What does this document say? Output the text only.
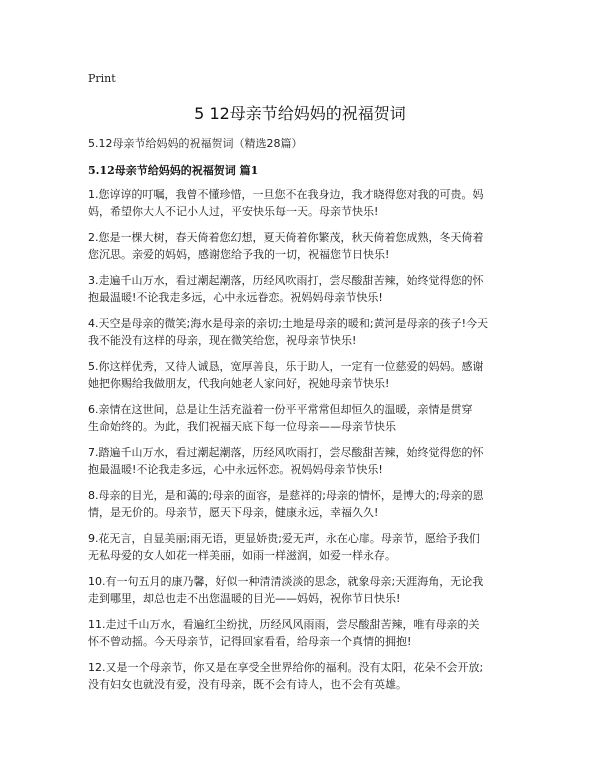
Print
5 12母亲节给妈妈的祝福贺词
5.12母亲节给妈妈的祝福贺词（精选28篇）
5.12母亲节给妈妈的祝福贺词 篇1
1.您谆谆的叮嘱，我曾不懂珍惜，一旦您不在我身边，我才晓得您对我的可贵。妈
妈，希望你大人不记小人过，平安快乐每一天。母亲节快乐!
2.您是一棵大树，春天倚着您幻想，夏天倚着你繁茂，秋天倚着您成熟，冬天倚着
您沉思。亲爱的妈妈，感谢您给予我的一切，祝福您节日快乐!
3.走遍千山万水，看过潮起潮落，历经风吹雨打，尝尽酸甜苦辣，始终觉得您的怀
抱最温暖!不论我走多远，心中永远眷恋。祝妈妈母亲节快乐!
4.天空是母亲的微笑;海水是母亲的亲切;土地是母亲的暖和;黄河是母亲的孩子!今天
我不能没有这样的母亲，现在微笑给您，祝母亲节快乐!
5.你这样优秀，又待人诚恳，宽厚善良，乐于助人，一定有一位慈爱的妈妈。感谢
她把你赐给我做朋友，代我向她老人家问好，祝她母亲节快乐!
6.亲情在这世间，总是让生活充溢着一份平平常常但却恒久的温暖，亲情是贯穿
生命始终的。为此，我们祝福天底下每一位母亲——母亲节快乐
7.踏遍千山万水，看过潮起潮落，历经风吹雨打，尝尽酸甜苦辣，始终觉得您的怀
抱最温暖!不论我走多远，心中永远怀恋。祝妈妈母亲节快乐!
8.母亲的目光，是和蔼的;母亲的面容，是慈祥的;母亲的情怀，是博大的;母亲的恩
情，是无价的。母亲节，愿天下母亲，健康永远，幸福久久!
9.花无言，自显美丽;雨无语，更显娇贵;爱无声，永在心扉。母亲节，愿给予我们
无私母爱的女人如花一样美丽，如雨一样滋润，如爱一样永存。
10.有一句五月的康乃馨，好似一种清清淡淡的思念，就象母亲;天涯海角，无论我
走到哪里，却总也走不出您温暖的目光——妈妈，祝你节日快乐!
11.走过千山万水，看遍红尘纷扰，历经风风雨雨，尝尽酸甜苦辣，唯有母亲的关
怀不曾动摇。今天母亲节，记得回家看看，给母亲一个真情的拥抱!
12.又是一个母亲节，你又是在享受全世界给你的福利。没有太阳，花朵不会开放;
没有妇女也就没有爱，没有母亲，既不会有诗人，也不会有英雄。
